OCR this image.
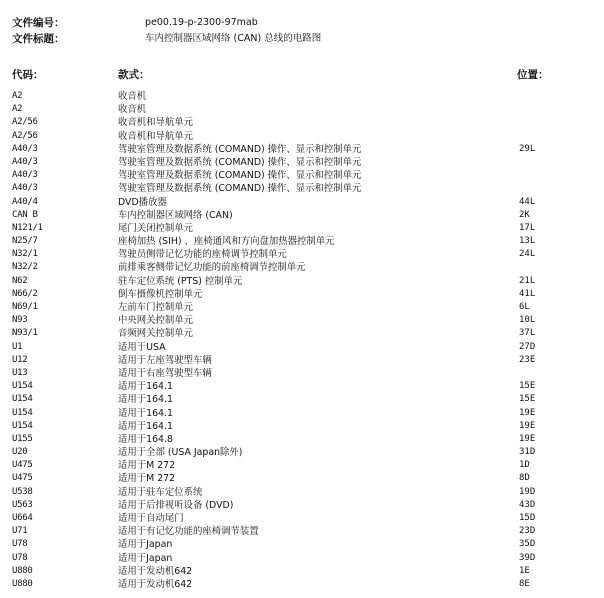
文件编号：	pe00.19-p-2300-97mab
文件标题：	车内控制器区域网络 (CAN) 总线的电路图
代码：	款式：	位置：
A2	收音机
A2	收音机
A2/56	收音机和导航单元
A2/56	收音机和导航单元
A40/3	驾驶室管理及数据系统 (COMAND) 操作、显示和控制单元	29L
A40/3	驾驶室管理及数据系统 (COMAND) 操作、显示和控制单元
A40/3	驾驶室管理及数据系统 (COMAND) 操作、显示和控制单元
A40/3	驾驶室管理及数据系统 (COMAND) 操作、显示和控制单元
A40/4	DVD播放器	44L
CAN B	车内控制器区域网络 (CAN)	2K
N121/1	尾门关闭控制单元	17L
N25/7	座椅加热 (SIH) 、座椅通风和方向盘加热器控制单元	13L
N32/1	驾驶员侧带记忆功能的座椅调节控制单元	24L
N32/2	前排乘客侧带记忆功能的前座椅调节控制单元
N62	驻车定位系统 (PTS) 控制单元	21L
N66/2	倒车摄像机控制单元	41L
N69/1	左前车门控制单元	6L
N93	中央网关控制单元	10L
N93/1	音频网关控制单元	37L
U1	适用于USA	27D
U12	适用于左座驾驶型车辆	23E
U13	适用于右座驾驶型车辆
U154	适用于164.1	15E
U154	适用于164.1	15E
U154	适用于164.1	19E
U154	适用于164.1	19E
U155	适用于164.8	19E
U20	适用于全部 (USA Japan除外)	31D
U475	适用于M 272	1D
U475	适用于M 272	8D
U538	适用于驻车定位系统	19D
U563	适用于后排视听设备 (DVD)	43D
U664	适用于自动尾门	15D
U71	适用于有记忆功能的座椅调节装置	23D
U78	适用于Japan	35D
U78	适用于Japan	39D
U880	适用于发动机642	1E
U880	适用于发动机642	8E
